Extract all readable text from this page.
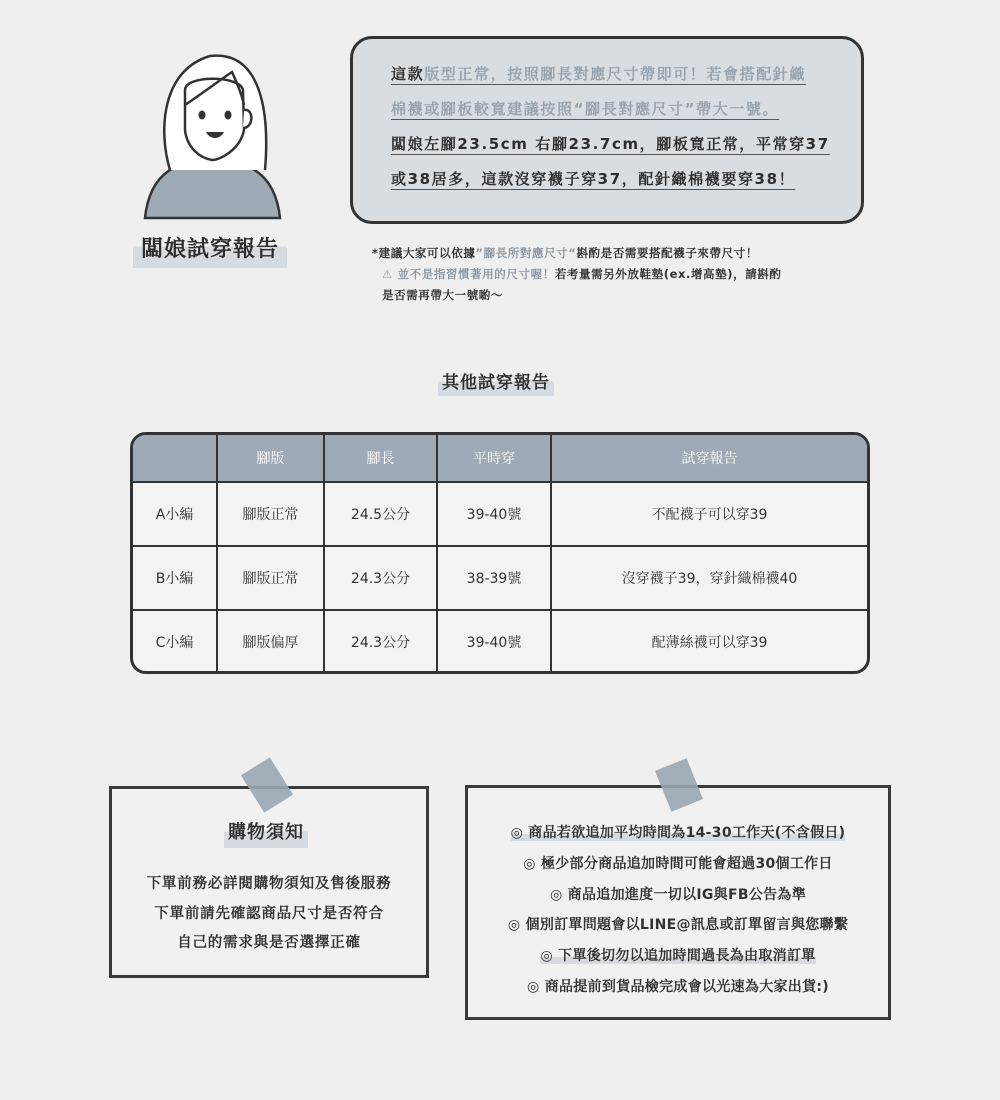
闆娘試穿報告
這款版型正常，按照腳長對應尺寸帶即可！若會搭配針織
棉襪或腳板較寬建議按照“腳長對應尺寸”帶大一號。
闆娘左腳23.5cm 右腳23.7cm，腳板寬正常，平常穿37
或38居多，這款沒穿襪子穿37，配針織棉襪要穿38！
*建議大家可以依據”腳長所對應尺寸“斟酌是否需要搭配襪子來帶尺寸！
⚠ 並不是指習慣著用的尺寸喔！若考量需另外放鞋墊(ex.增高墊)，請斟酌
是否需再帶大一號喲～
其他試穿報告
	腳版	腳長	平時穿	試穿報告
A小編	腳版正常	24.5公分	39-40號	不配襪子可以穿39
B小編	腳版正常	24.3公分	38-39號	沒穿襪子39，穿針織棉襪40
C小編	腳版偏厚	24.3公分	39-40號	配薄絲襪可以穿39
購物須知
下單前務必詳閱購物須知及售後服務
下單前請先確認商品尺寸是否符合
自己的需求與是否選擇正確
◎ 商品若欲追加平均時間為14-30工作天(不含假日)
◎ 極少部分商品追加時間可能會超過30個工作日
◎ 商品追加進度一切以IG與FB公告為準
◎ 個別訂單問題會以LINE@訊息或訂單留言與您聯繫
◎ 下單後切勿以追加時間過長為由取消訂單
◎ 商品提前到貨品檢完成會以光速為大家出貨:)
